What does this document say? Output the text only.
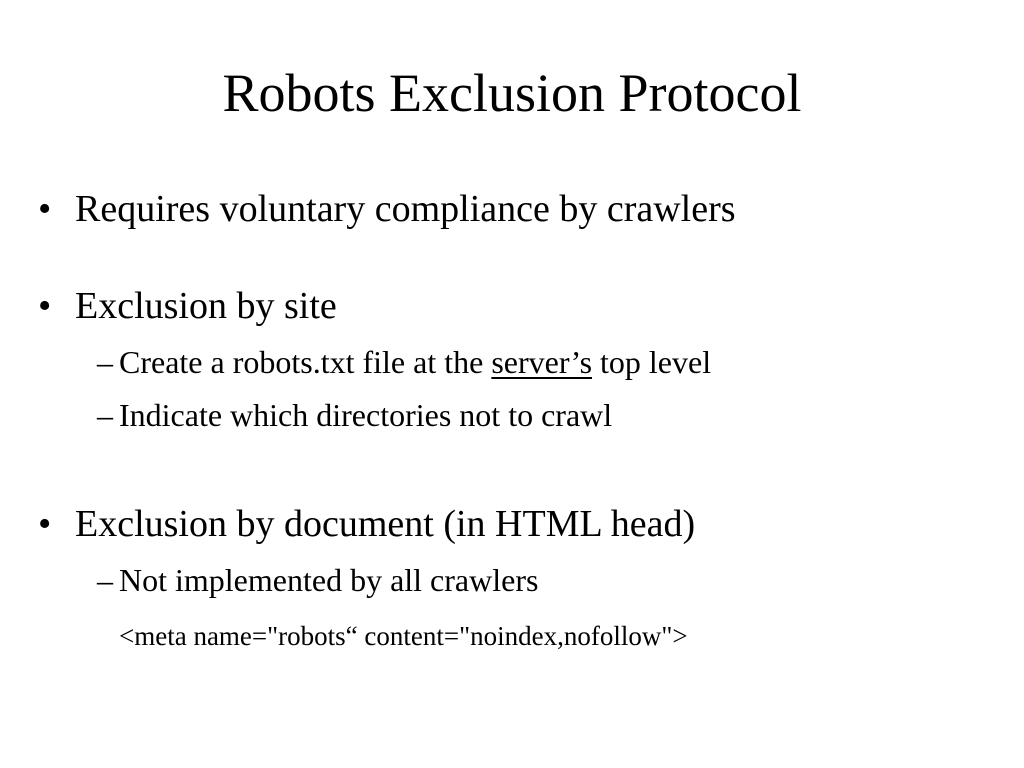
Robots Exclusion Protocol
• Requires voluntary compliance by crawlers
• Exclusion by site
– Create a robots.txt file at the server’s top level
– Indicate which directories not to crawl
• Exclusion by document (in HTML head)
– Not implemented by all crawlers
<meta name="robots“ content="noindex,nofollow">
